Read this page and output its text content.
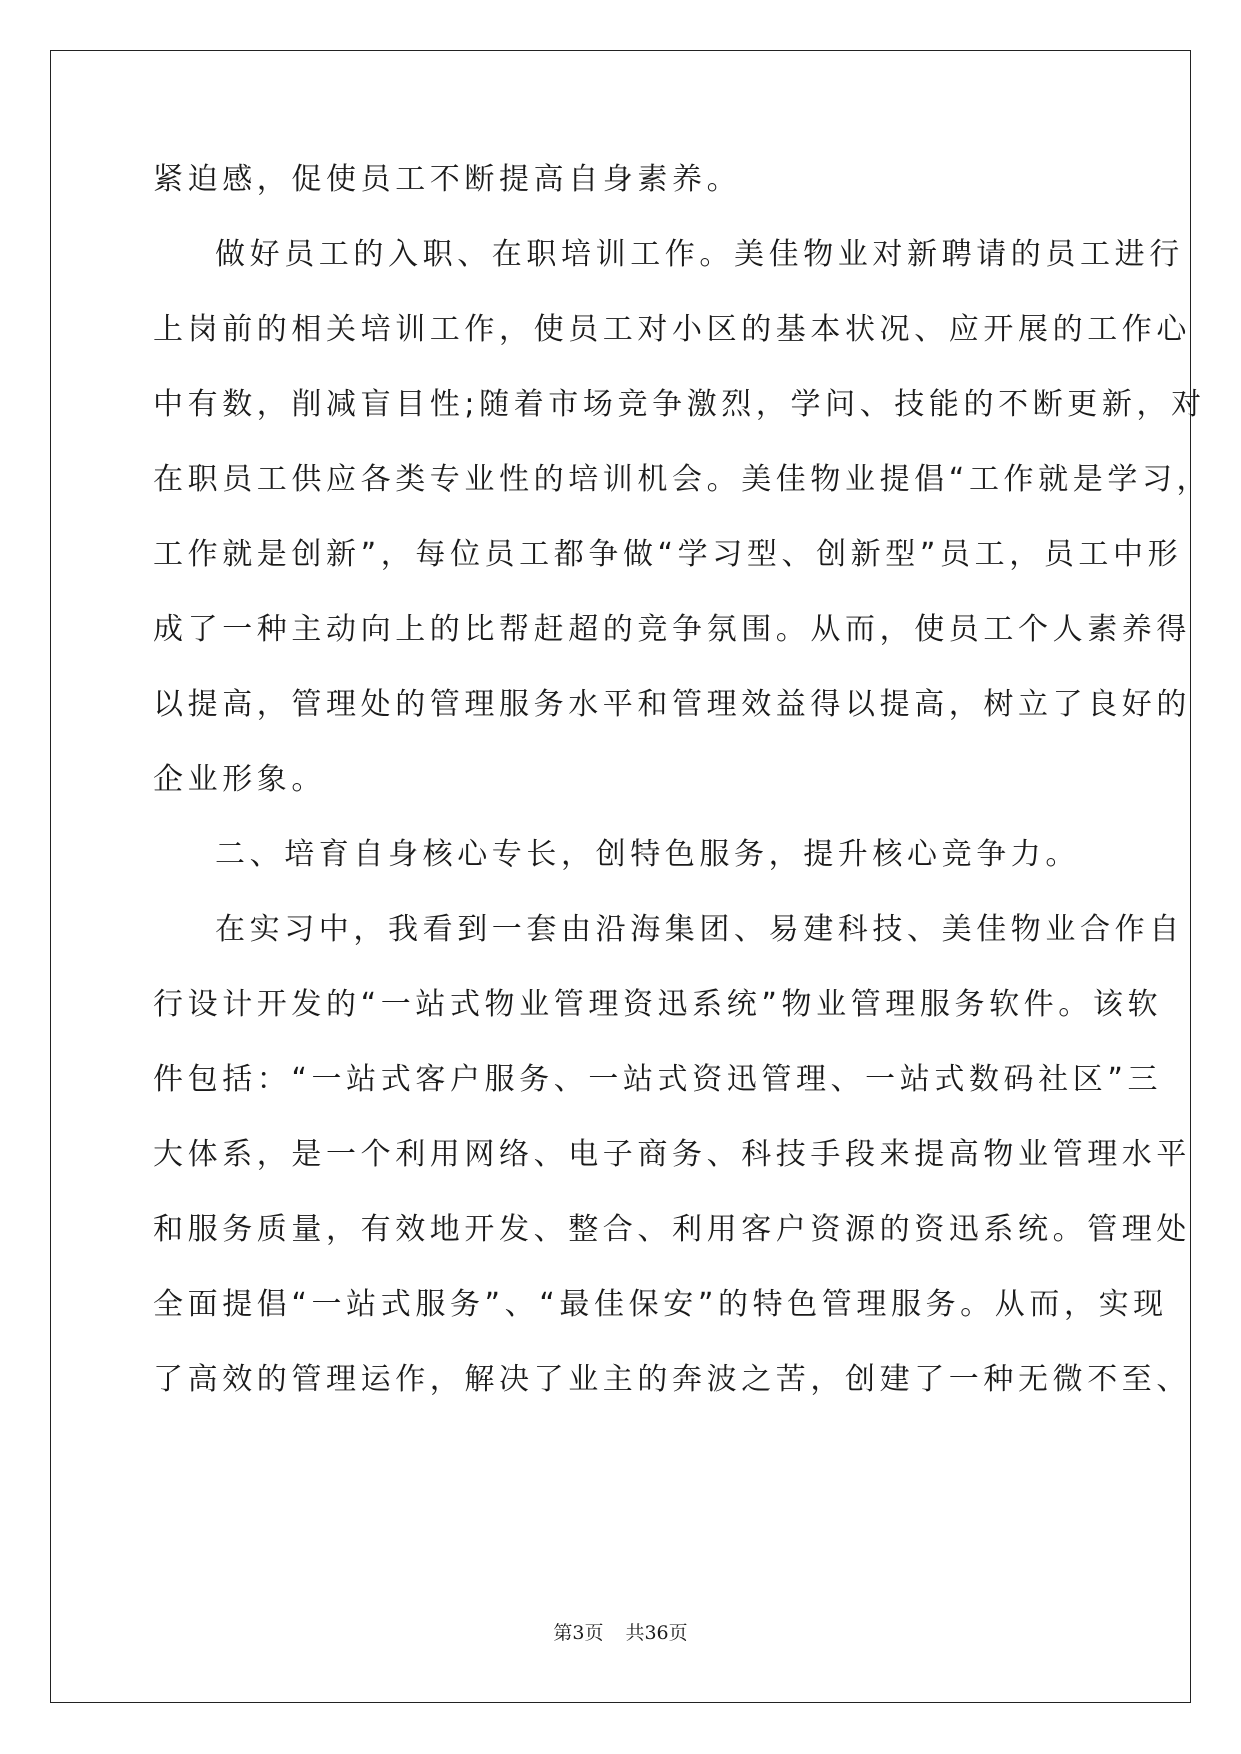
紧迫感，促使员工不断提高自身素养。
做好员工的入职、在职培训工作。美佳物业对新聘请的员工进行
上岗前的相关培训工作，使员工对小区的基本状况、应开展的工作心
中有数，削减盲目性;随着市场竞争激烈，学问、技能的不断更新，对
在职员工供应各类专业性的培训机会。美佳物业提倡“工作就是学习，
工作就是创新”，每位员工都争做“学习型、创新型”员工，员工中形
成了一种主动向上的比帮赶超的竞争氛围。从而，使员工个人素养得
以提高，管理处的管理服务水平和管理效益得以提高，树立了良好的
企业形象。
二、培育自身核心专长，创特色服务，提升核心竞争力。
在实习中，我看到一套由沿海集团、易建科技、美佳物业合作自
行设计开发的“一站式物业管理资迅系统”物业管理服务软件。该软
件包括：“一站式客户服务、一站式资迅管理、一站式数码社区”三
大体系，是一个利用网络、电子商务、科技手段来提高物业管理水平
和服务质量，有效地开发、整合、利用客户资源的资迅系统。管理处
全面提倡“一站式服务”、“最佳保安”的特色管理服务。从而，实现
了高效的管理运作，解决了业主的奔波之苦，创建了一种无微不至、
第3页 共36页
